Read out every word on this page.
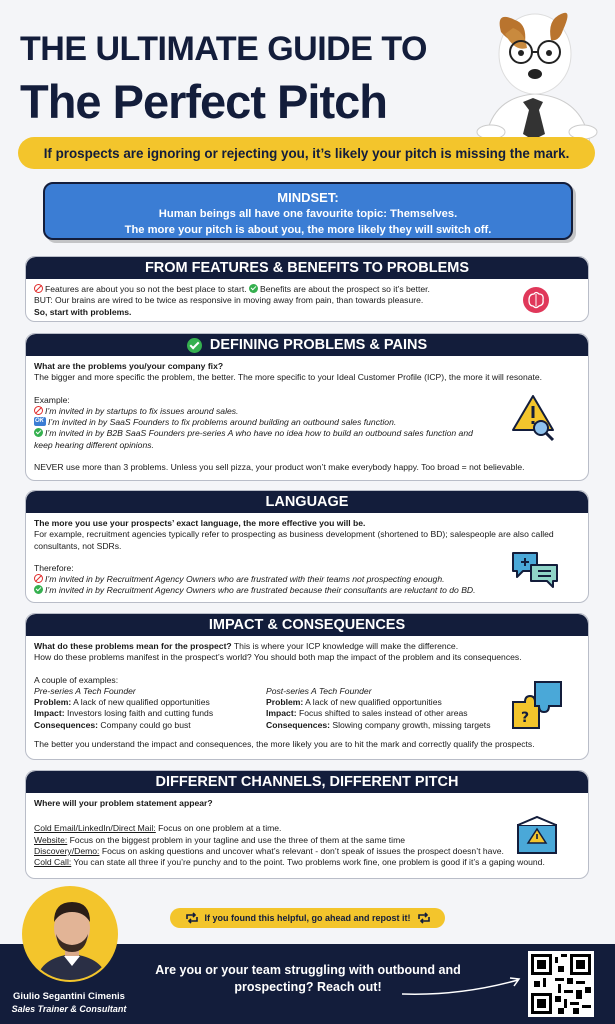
THE ULTIMATE GUIDE TO
The Perfect Pitch
If prospects are ignoring or rejecting you, it’s likely your pitch is missing the mark.
MINDSET:
Human beings all have one favourite topic: Themselves.
The more your pitch is about you, the more likely they will switch off.
FROM FEATURES & BENEFITS TO PROBLEMS

Features are about you so not the best place to start. Benefits are about the prospect so it’s better.

BUT: Our brains are wired to be twice as responsive in moving away from pain, than towards pleasure.

So, start with problems.

DEFINING PROBLEMS & PAINS

What are the problems you/your company fix?

The bigger and more specific the problem, the better. The more specific to your Ideal Customer Profile (ICP), the more it will resonate.

Example:

I’m invited in by startups to fix issues around sales.

OKI’m invited in by SaaS Founders to fix problems around building an outbound sales function.

I’m invited in by B2B SaaS Founders pre-series A who have no idea how to build an outbound sales function and keep hearing different opinions.

NEVER use more than 3 problems. Unless you sell pizza, your product won’t make everybody happy. Too broad = not believable.

LANGUAGE

The more you use your prospects’ exact language, the more effective you will be.

For example, recruitment agencies typically refer to prospecting as business development (shortened to BD); salespeople are also called consultants, not SDRs.

Therefore:

I’m invited in by Recruitment Agency Owners who are frustrated with their teams not prospecting enough.

I’m invited in by Recruitment Agency Owners who are frustrated because their consultants are reluctant to do BD.

IMPACT & CONSEQUENCES

What do these problems mean for the prospect? This is where your ICP knowledge will make the difference.

How do these problems manifest in the prospect’s world? You should both map the impact of the problem and its consequences.

A couple of examples:

Pre-series A Tech Founder

Problem: A lack of new qualified opportunities

Impact: Investors losing faith and cutting funds

Consequences: Company could go bust

Post-series A Tech Founder

Problem: A lack of new qualified opportunities

Impact: Focus shifted to sales instead of other areas

Consequences: Slowing company growth, missing targets

The better you understand the impact and consequences, the more likely you are to hit the mark and correctly qualify the prospects.

?
DIFFERENT CHANNELS, DIFFERENT PITCH

Where will your problem statement appear?

Cold Email/LinkedIn/Direct Mail: Focus on one problem at a time.

Website: Focus on the biggest problem in your tagline and use the three of them at the same time

Discovery/Demo: Focus on asking questions and uncover what’s relevant - don’t speak of issues the prospect doesn’t have.

Cold Call: You can state all three if you’re punchy and to the point. Two problems work fine, one problem is good if it’s a gaping wound.

If you found this helpful, go ahead and repost it!
Giulio Segantini Cimenis
Sales Trainer & Consultant
Are you or your team struggling with outbound and
prospecting? Reach out!
